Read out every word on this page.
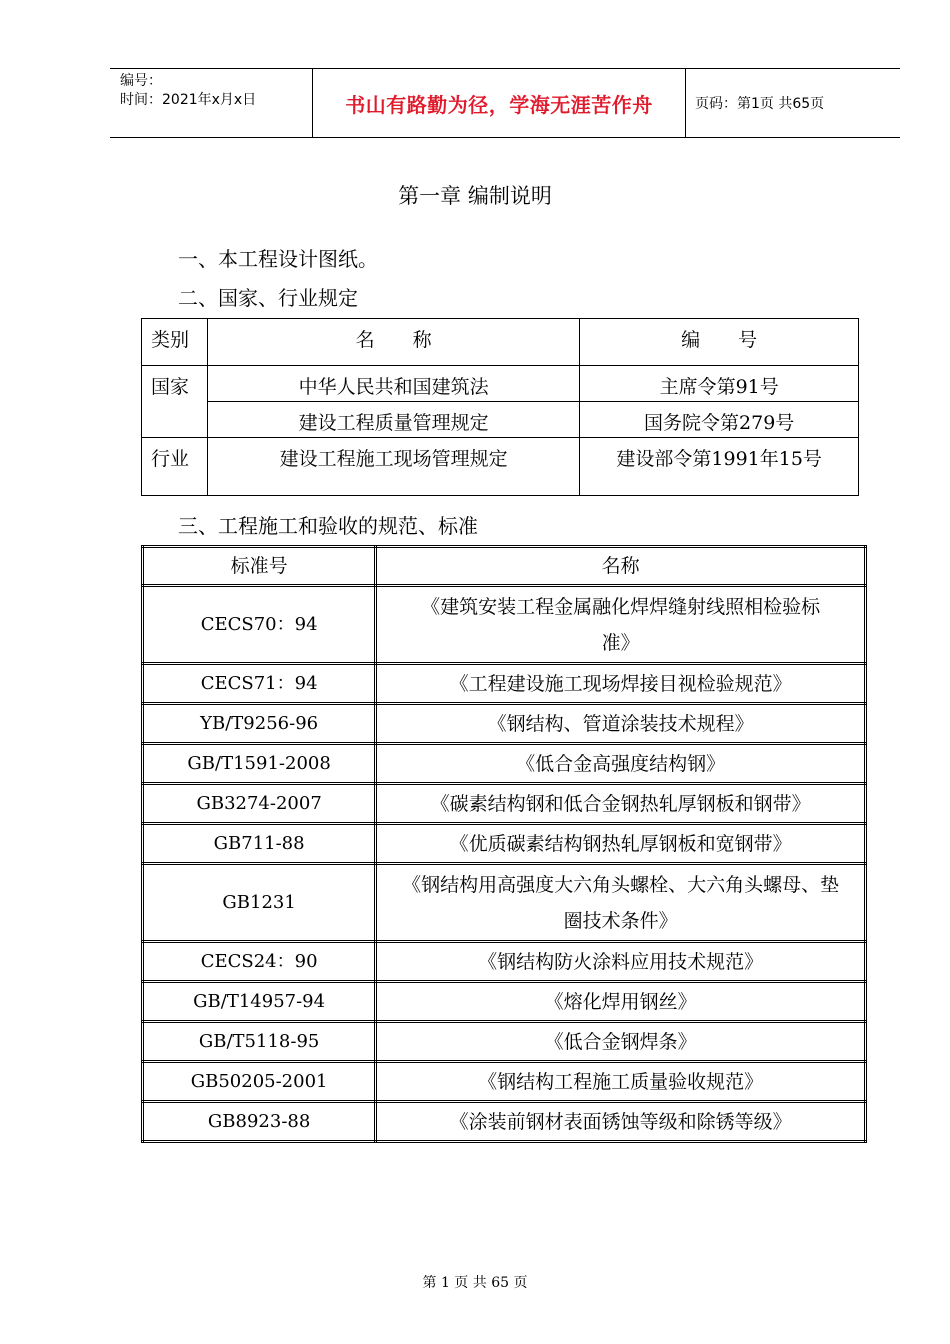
编号：
时间：2021年x月x日	书山有路勤为径，学海无涯苦作舟	页码：第1页 共65页
第一章 编制说明
一、本工程设计图纸。
二、国家、行业规定
类别	名　　称	编　　号
国家	中华人民共和国建筑法	主席令第91号
	建设工程质量管理规定	国务院令第279号
行业	建设工程施工现场管理规定	建设部令第1991年15号
三、工程施工和验收的规范、标准
标准号	名称
CECS70：94	《建筑安装工程金属融化焊焊缝射线照相检验标准》
CECS71：94	《工程建设施工现场焊接目视检验规范》
YB/T9256-96	《钢结构、管道涂装技术规程》
GB/T1591-2008	《低合金高强度结构钢》
GB3274-2007	《碳素结构钢和低合金钢热轧厚钢板和钢带》
GB711-88	《优质碳素结构钢热轧厚钢板和宽钢带》
GB1231	《钢结构用高强度大六角头螺栓、大六角头螺母、垫圈技术条件》
CECS24：90	《钢结构防火涂料应用技术规范》
GB/T14957-94	《熔化焊用钢丝》
GB/T5118-95	《低合金钢焊条》
GB50205-2001	《钢结构工程施工质量验收规范》
GB8923-88	《涂装前钢材表面锈蚀等级和除锈等级》
第 1 页 共 65 页
